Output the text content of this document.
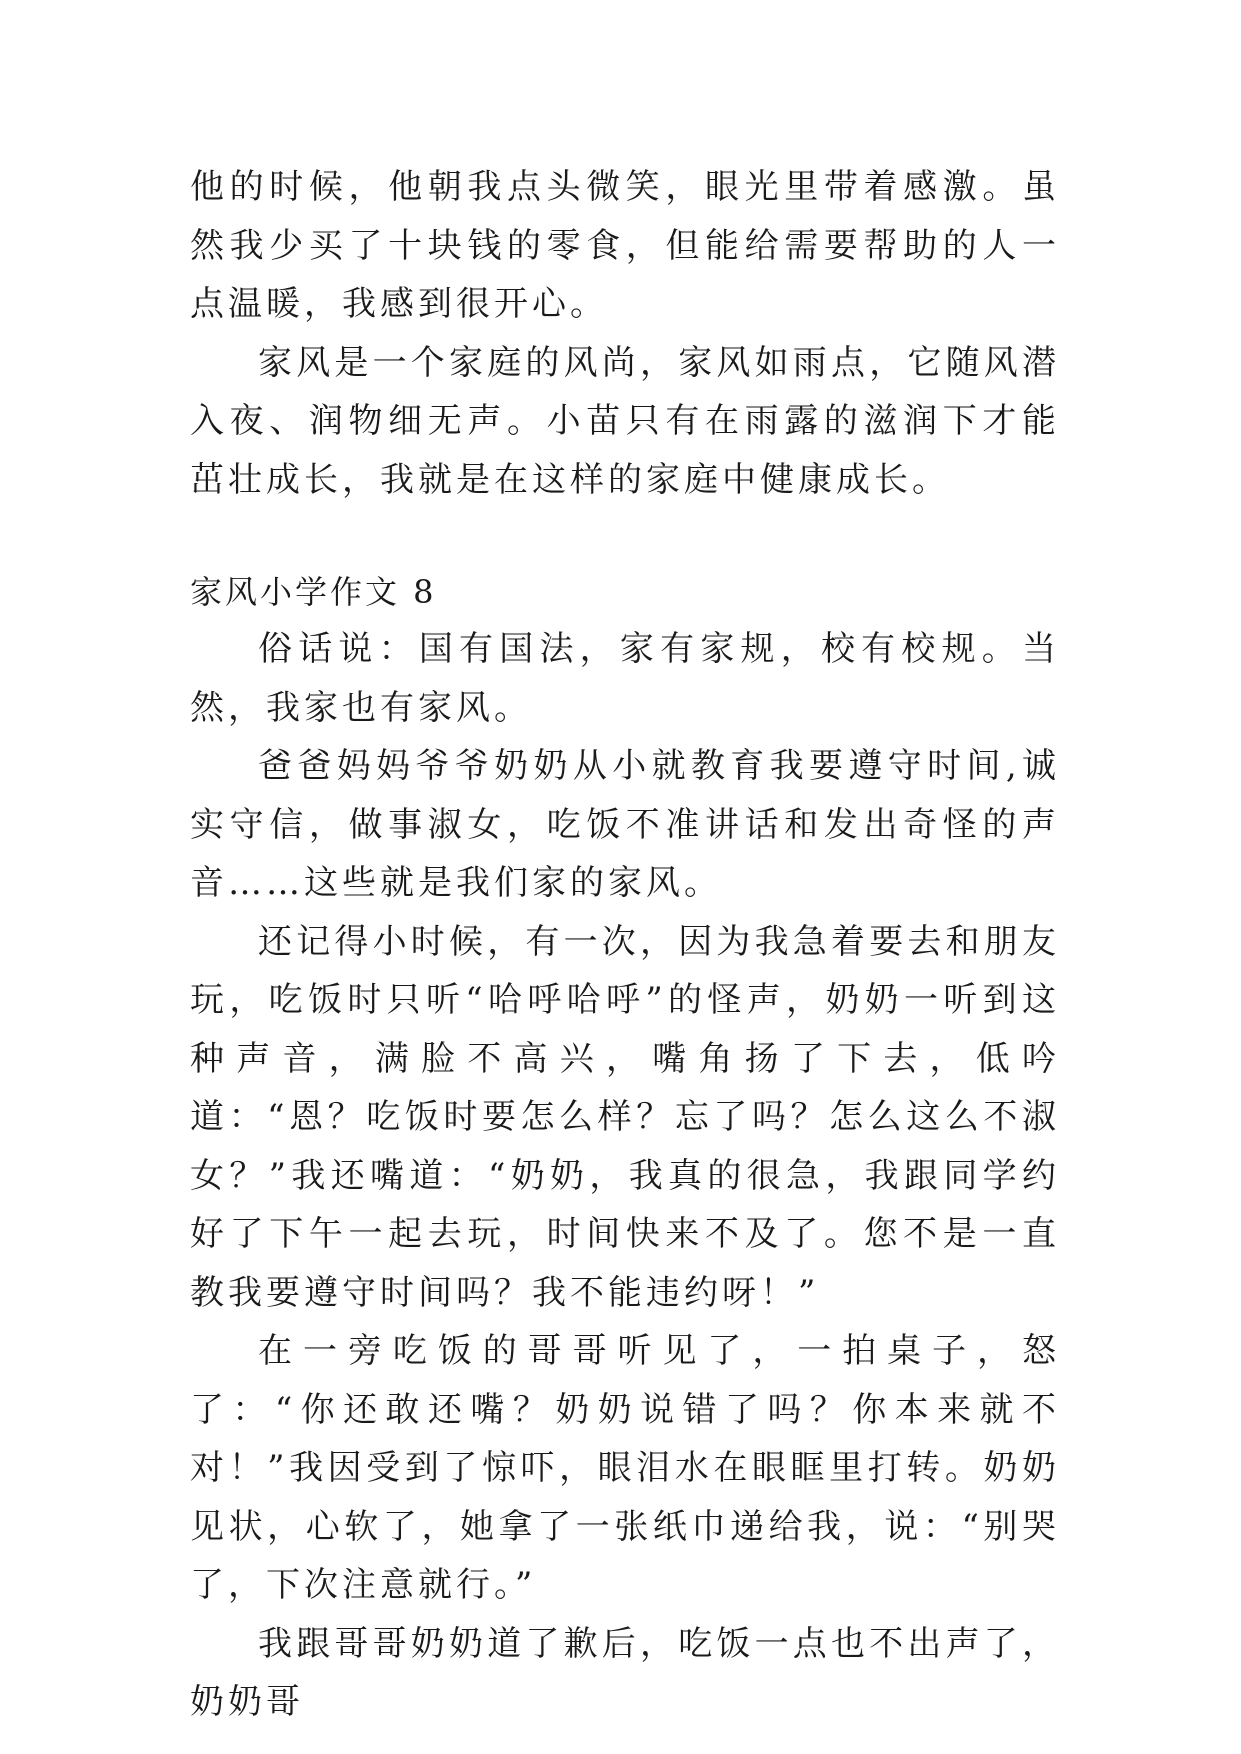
他的时候，他朝我点头微笑，眼光里带着感激。虽然我少买了十块钱的零食，但能给需要帮助的人一点温暖，我感到很开心。

家风是一个家庭的风尚，家风如雨点，它随风潜入夜、润物细无声。小苗只有在雨露的滋润下才能茁壮成长，我就是在这样的家庭中健康成长。

家风小学作文 8

俗话说：国有国法，家有家规，校有校规。当然，我家也有家风。

爸爸妈妈爷爷奶奶从小就教育我要遵守时间,诚实守信，做事淑女，吃饭不准讲话和发出奇怪的声音……这些就是我们家的家风。

还记得小时候，有一次，因为我急着要去和朋友玩，吃饭时只听“哈呼哈呼”的怪声，奶奶一听到这种声音，满脸不高兴，嘴角扬了下去，低吟道：“恩？吃饭时要怎么样？忘了吗？怎么这么不淑女？”我还嘴道：“奶奶，我真的很急，我跟同学约好了下午一起去玩，时间快来不及了。您不是一直教我要遵守时间吗？我不能违约呀！”

在一旁吃饭的哥哥听见了，一拍桌子，怒了：“你还敢还嘴？奶奶说错了吗？你本来就不对！”我因受到了惊吓，眼泪水在眼眶里打转。奶奶见状，心软了，她拿了一张纸巾递给我，说：“别哭了，下次注意就行。”

我跟哥哥奶奶道了歉后，吃饭一点也不出声了，奶奶哥
